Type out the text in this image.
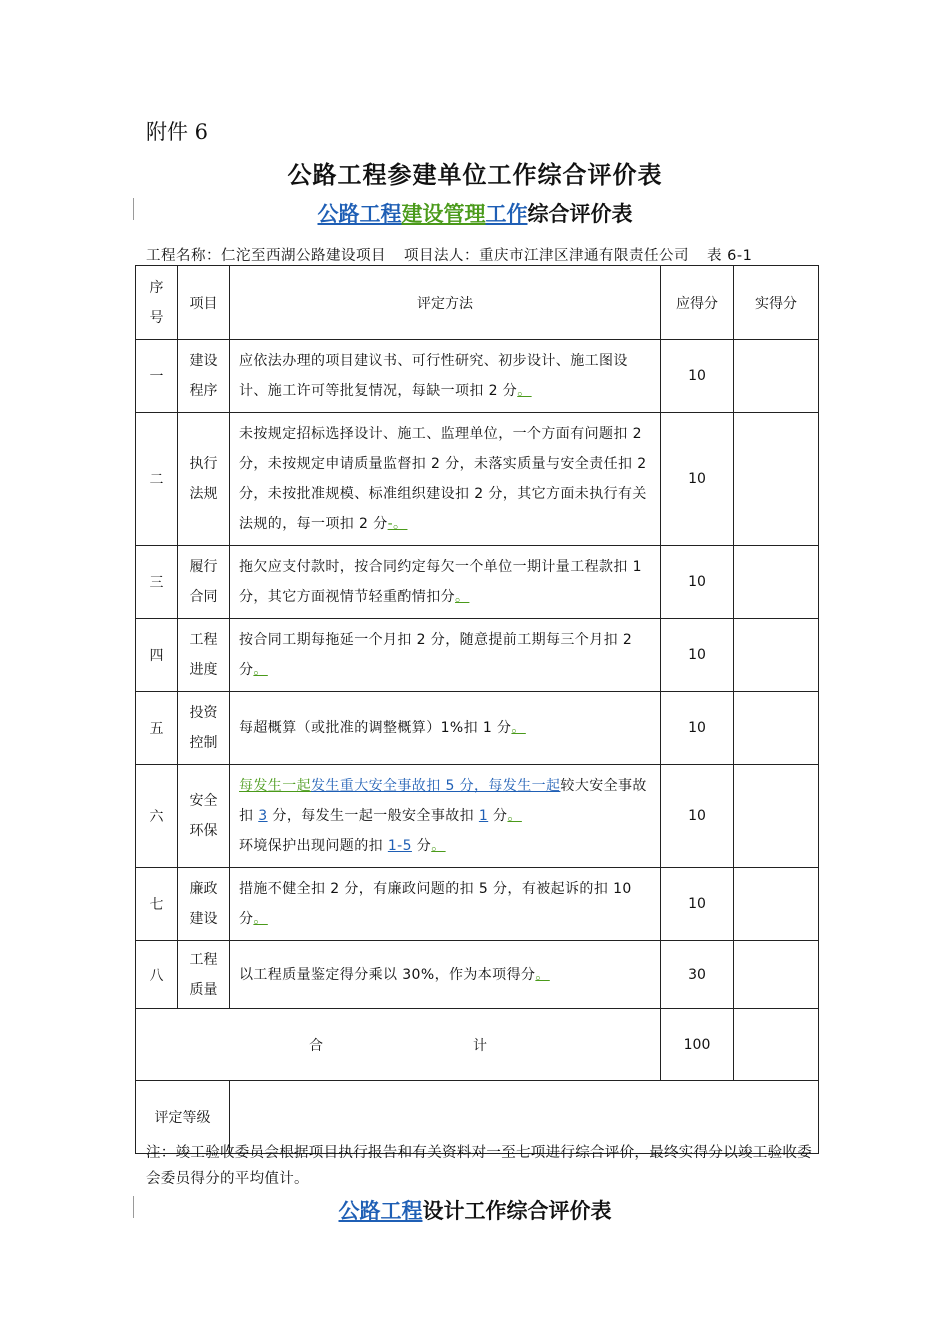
附件 6
公路工程参建单位工作综合评价表
公路工程建设管理工作综合评价表
工程名称：仁沱至西湖公路建设项目 项目法人：重庆市江津区津通有限责任公司 表 6-1
序号	项目	评定方法	应得分	实得分
一	建设程序	应依法办理的项目建议书、可行性研究、初步设计、施工图设计、施工许可等批复情况，每缺一项扣 2 分。	10	
二	执行法规	未按规定招标选择设计、施工、监理单位，一个方面有问题扣 2 分，未按规定申请质量监督扣 2 分，未落实质量与安全责任扣 2 分，未按批准规模、标准组织建设扣 2 分，其它方面未执行有关法规的，每一项扣 2 分-。	10	
三	履行合同	拖欠应支付款时，按合同约定每欠一个单位一期计量工程款扣 1 分，其它方面视情节轻重酌情扣分。	10	
四	工程进度	按合同工期每拖延一个月扣 2 分，随意提前工期每三个月扣 2 分。	10	
五	投资控制	每超概算（或批准的调整概算）1%扣 1 分。	10	
六	安全环保	每发生一起发生重大安全事故扣 5 分，每发生一起较大安全事故扣 3 分，每发生一起一般安全事故扣 1 分。
环境保护出现问题的扣 1-5 分。	10	
七	廉政建设	措施不健全扣 2 分，有廉政问题的扣 5 分，有被起诉的扣 10 分。	10	
八	工程质量	以工程质量鉴定得分乘以 30%，作为本项得分。	30	
合 计			100	
评定等级				
注：竣工验收委员会根据项目执行报告和有关资料对一至七项进行综合评价，最终实得分以竣工验收委会委员得分的平均值计。
公路工程设计工作综合评价表
